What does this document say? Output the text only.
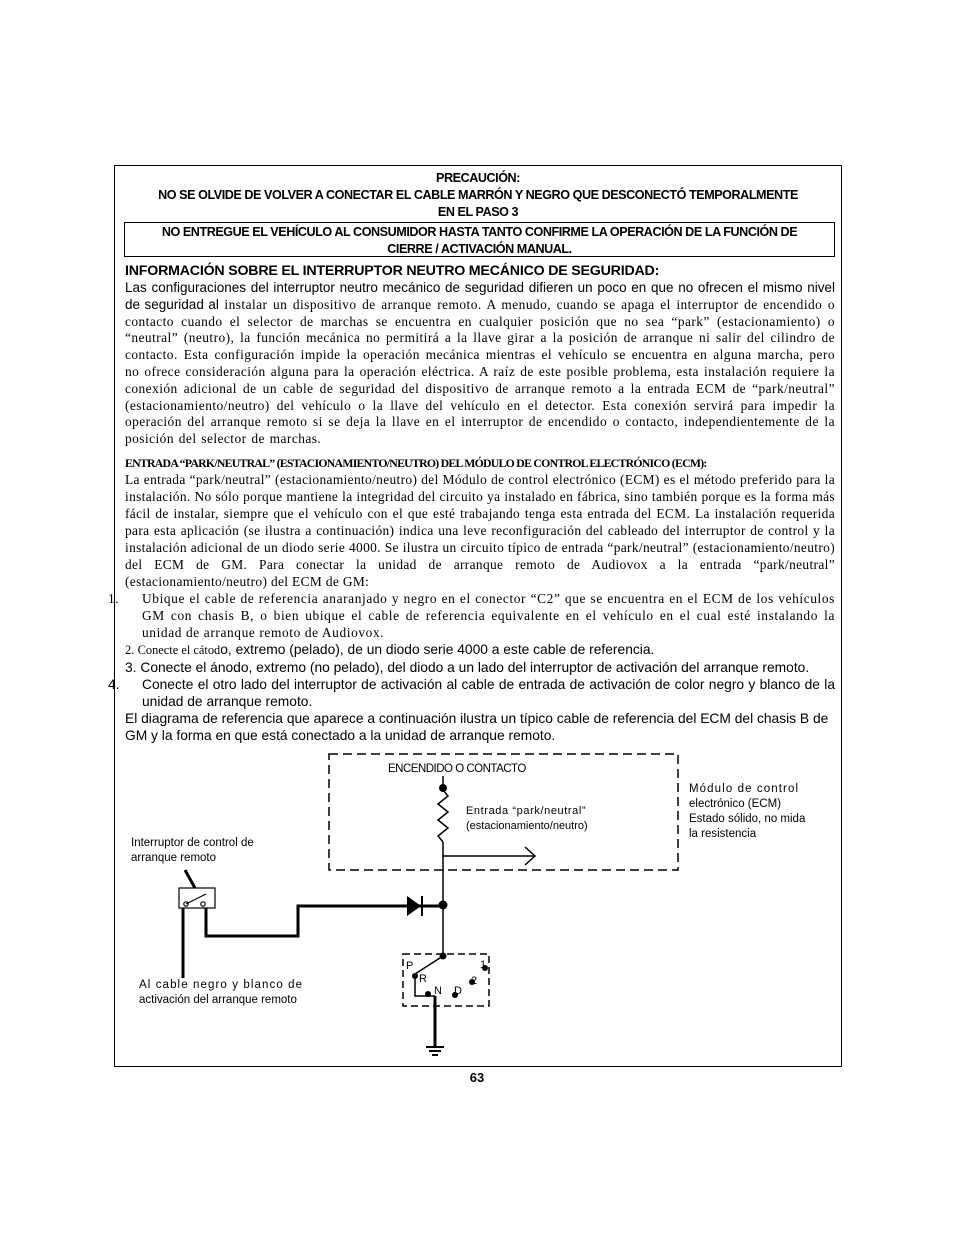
PRECAUCIÓN:
NO SE OLVIDE DE VOLVER A CONECTAR EL CABLE MARRÓN Y NEGRO QUE DESCONECTÓ TEMPORALMENTE
EN EL PASO 3
NO ENTREGUE EL VEHÍCULO AL CONSUMIDOR HASTA TANTO CONFIRME LA OPERACIÓN DE LA FUNCIÓN DE
CIERRE / ACTIVACIÓN MANUAL.
INFORMACIÓN SOBRE EL INTERRUPTOR NEUTRO MECÁNICO DE SEGURIDAD:

Las configuraciones del interruptor neutro mecánico de seguridad difieren un poco en que no ofrecen el mismo nivel de seguridad al instalar un dispositivo de arranque remoto. A menudo, cuando se apaga el interruptor de encendido o contacto cuando el selector de marchas se encuentra en cualquier posición que no sea “park” (estacionamiento) o “neutral” (neutro), la función mecánica no permitirá a la llave girar a la posición de arranque ni salir del cilindro de contacto. Esta configuración impide la operación mecánica mientras el vehículo se encuentra en alguna marcha, pero no ofrece consideración alguna para la operación eléctrica. A raíz de este posible problema, esta instalación requiere la conexión adicional de un cable de seguridad del dispositivo de arranque remoto a la entrada ECM de “park/neutral” (estacionamiento/neutro) del vehículo o la llave del vehículo en el detector. Esta conexión servirá para impedir la operación del arranque remoto si se deja la llave en el interruptor de encendido o contacto, independientemente de la posición del selector de marchas.

ENTRADA “PARK/NEUTRAL” (ESTACIONAMIENTO/NEUTRO) DEL MÓDULO DE CONTROL ELECTRÓNICO (ECM):

La entrada “park/neutral” (estacionamiento/neutro) del Módulo de control electrónico (ECM) es el método preferido para la instalación. No sólo porque mantiene la integridad del circuito ya instalado en fábrica, sino también porque es la forma más fácil de instalar, siempre que el vehículo con el que esté trabajando tenga esta entrada del ECM. La instalación requerida para esta aplicación (se ilustra a continuación) indica una leve reconfiguración del cableado del interruptor de control y la instalación adicional de un diodo serie 4000. Se ilustra un circuito típico de entrada “park/neutral” (estacionamiento/neutro) del ECM de GM. Para conectar la unidad de arranque remoto de Audiovox a la entrada “park/neutral” (estacionamiento/neutro) del ECM de GM:

1. Ubique el cable de referencia anaranjado y negro en el conector “C2” que se encuentra en el ECM de los vehículos GM con chasis B, o bien ubique el cable de referencia equivalente en el vehículo en el cual esté instalando la unidad de arranque remoto de Audiovox.

2. Conecte el cátodo, extremo (pelado), de un diodo serie 4000 a este cable de referencia.

3. Conecte el ánodo, extremo (no pelado), del diodo a un lado del interruptor de activación del arranque remoto.

4. Conecte el otro lado del interruptor de activación al cable de entrada de activación de color negro y blanco de la unidad de arranque remoto.

El diagrama de referencia que aparece a continuación ilustra un típico cable de referencia del ECM del chasis B de GM y la forma en que está conectado a la unidad de arranque remoto.

ENCENDIDO O CONTACTO
Entrada “park/neutral”
(estacionamiento/neutro)
Módulo de control
electrónico (ECM)
Estado sólido, no mida
la resistencia
Interruptor de control de
arranque remoto
Al cable negro y blanco de
activación del arranque remoto
P
R
N D
2
1
63
